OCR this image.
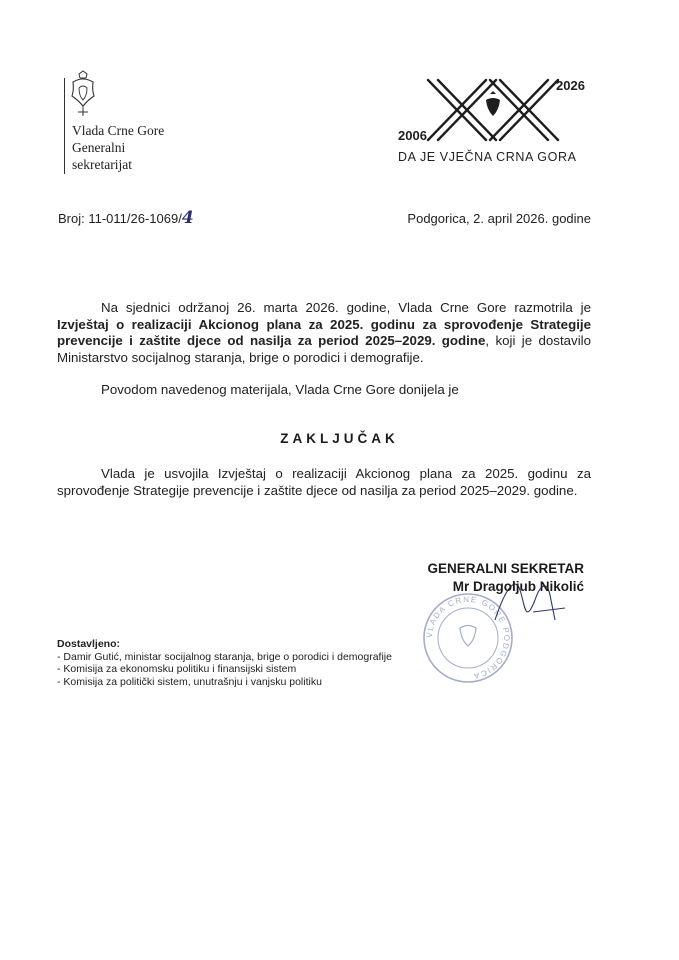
Vlada Crne Gore
Generalni
sekretarijat
2006
2026
DA JE VJEČNA CRNA GORA
Broj: 11-011/26-1069/4	Podgorica, 2. april 2026. godine
Na sjednici održanoj 26. marta 2026. godine, Vlada Crne Gore razmotrila je Izvještaj o realizaciji Akcionog plana za 2025. godinu za sprovođenje Strategije prevencije i zaštite djece od nasilja za period 2025–2029. godine, koji je dostavilo Ministarstvo socijalnog staranja, brige o porodici i demografije.
Povodom navedenog materijala, Vlada Crne Gore donijela je
ZAKLJUČAK
Vlada je usvojila Izvještaj o realizaciji Akcionog plana za 2025. godinu za sprovođenje Strategije prevencije i zaštite djece od nasilja za period 2025–2029. godine.
VLADA CRNE GORE PODGORICA
GENERALNI SEKRETAR
Mr Dragoljub Nikolić
Dostavljeno:
- Damir Gutić, ministar socijalnog staranja, brige o porodici i demografije
- Komisija za ekonomsku politiku i finansijski sistem
- Komisija za politički sistem, unutrašnju i vanjsku politiku
